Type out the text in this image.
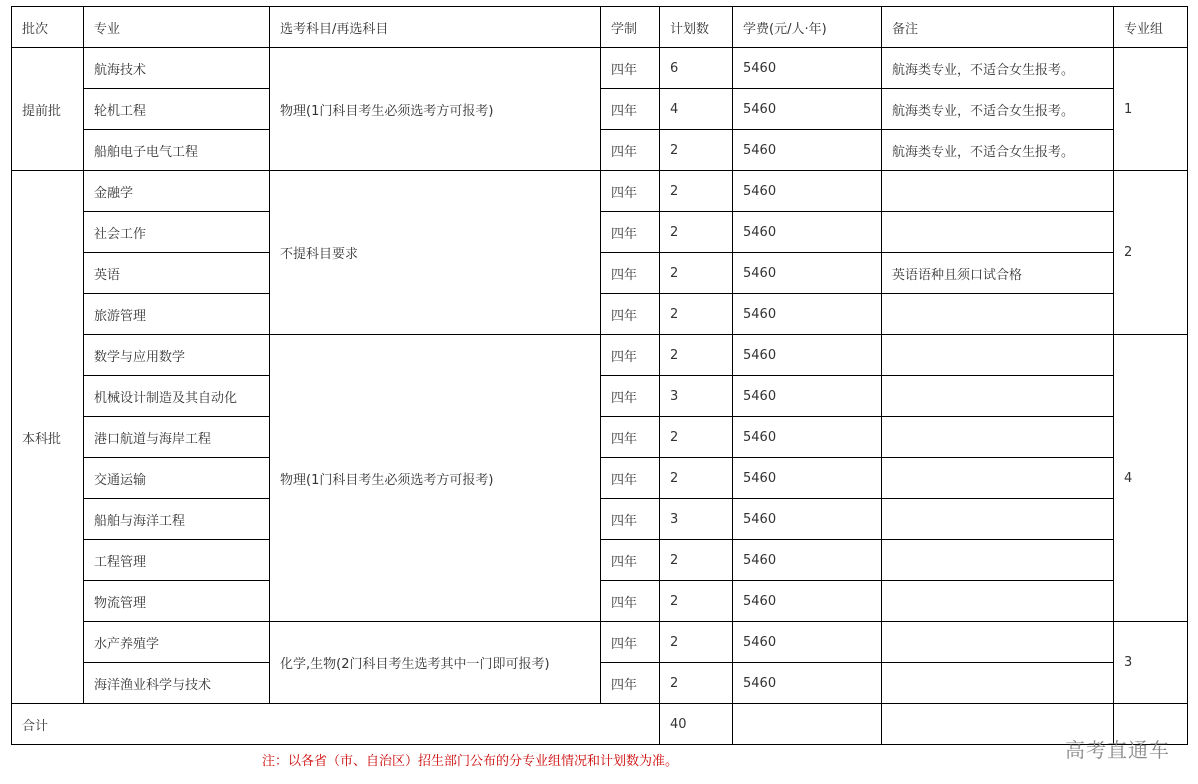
批次	专业	选考科目/再选科目	学制	计划数	学费(元/人·年)	备注	专业组
提前批	航海技术	物理(1门科目考生必须选考方可报考)	四年	6	5460	航海类专业，不适合女生报考。	1
	轮机工程		四年	4	5460	航海类专业，不适合女生报考。	
	船舶电子电气工程		四年	2	5460	航海类专业，不适合女生报考。	
本科批	金融学	不提科目要求	四年	2	5460		2
	社会工作		四年	2	5460		
	英语		四年	2	5460	英语语种且须口试合格	
	旅游管理		四年	2	5460		
	数学与应用数学	物理(1门科目考生必须选考方可报考)	四年	2	5460		4
	机械设计制造及其自动化		四年	3	5460		
	港口航道与海岸工程		四年	2	5460		
	交通运输		四年	2	5460		
	船舶与海洋工程		四年	3	5460		
	工程管理		四年	2	5460		
	物流管理		四年	2	5460		
	水产养殖学	化学,生物(2门科目考生选考其中一门即可报考)	四年	2	5460		3
	海洋渔业科学与技术		四年	2	5460		
合计				40			
注：以各省（市、自治区）招生部门公布的分专业组情况和计划数为准。	高考直通车
